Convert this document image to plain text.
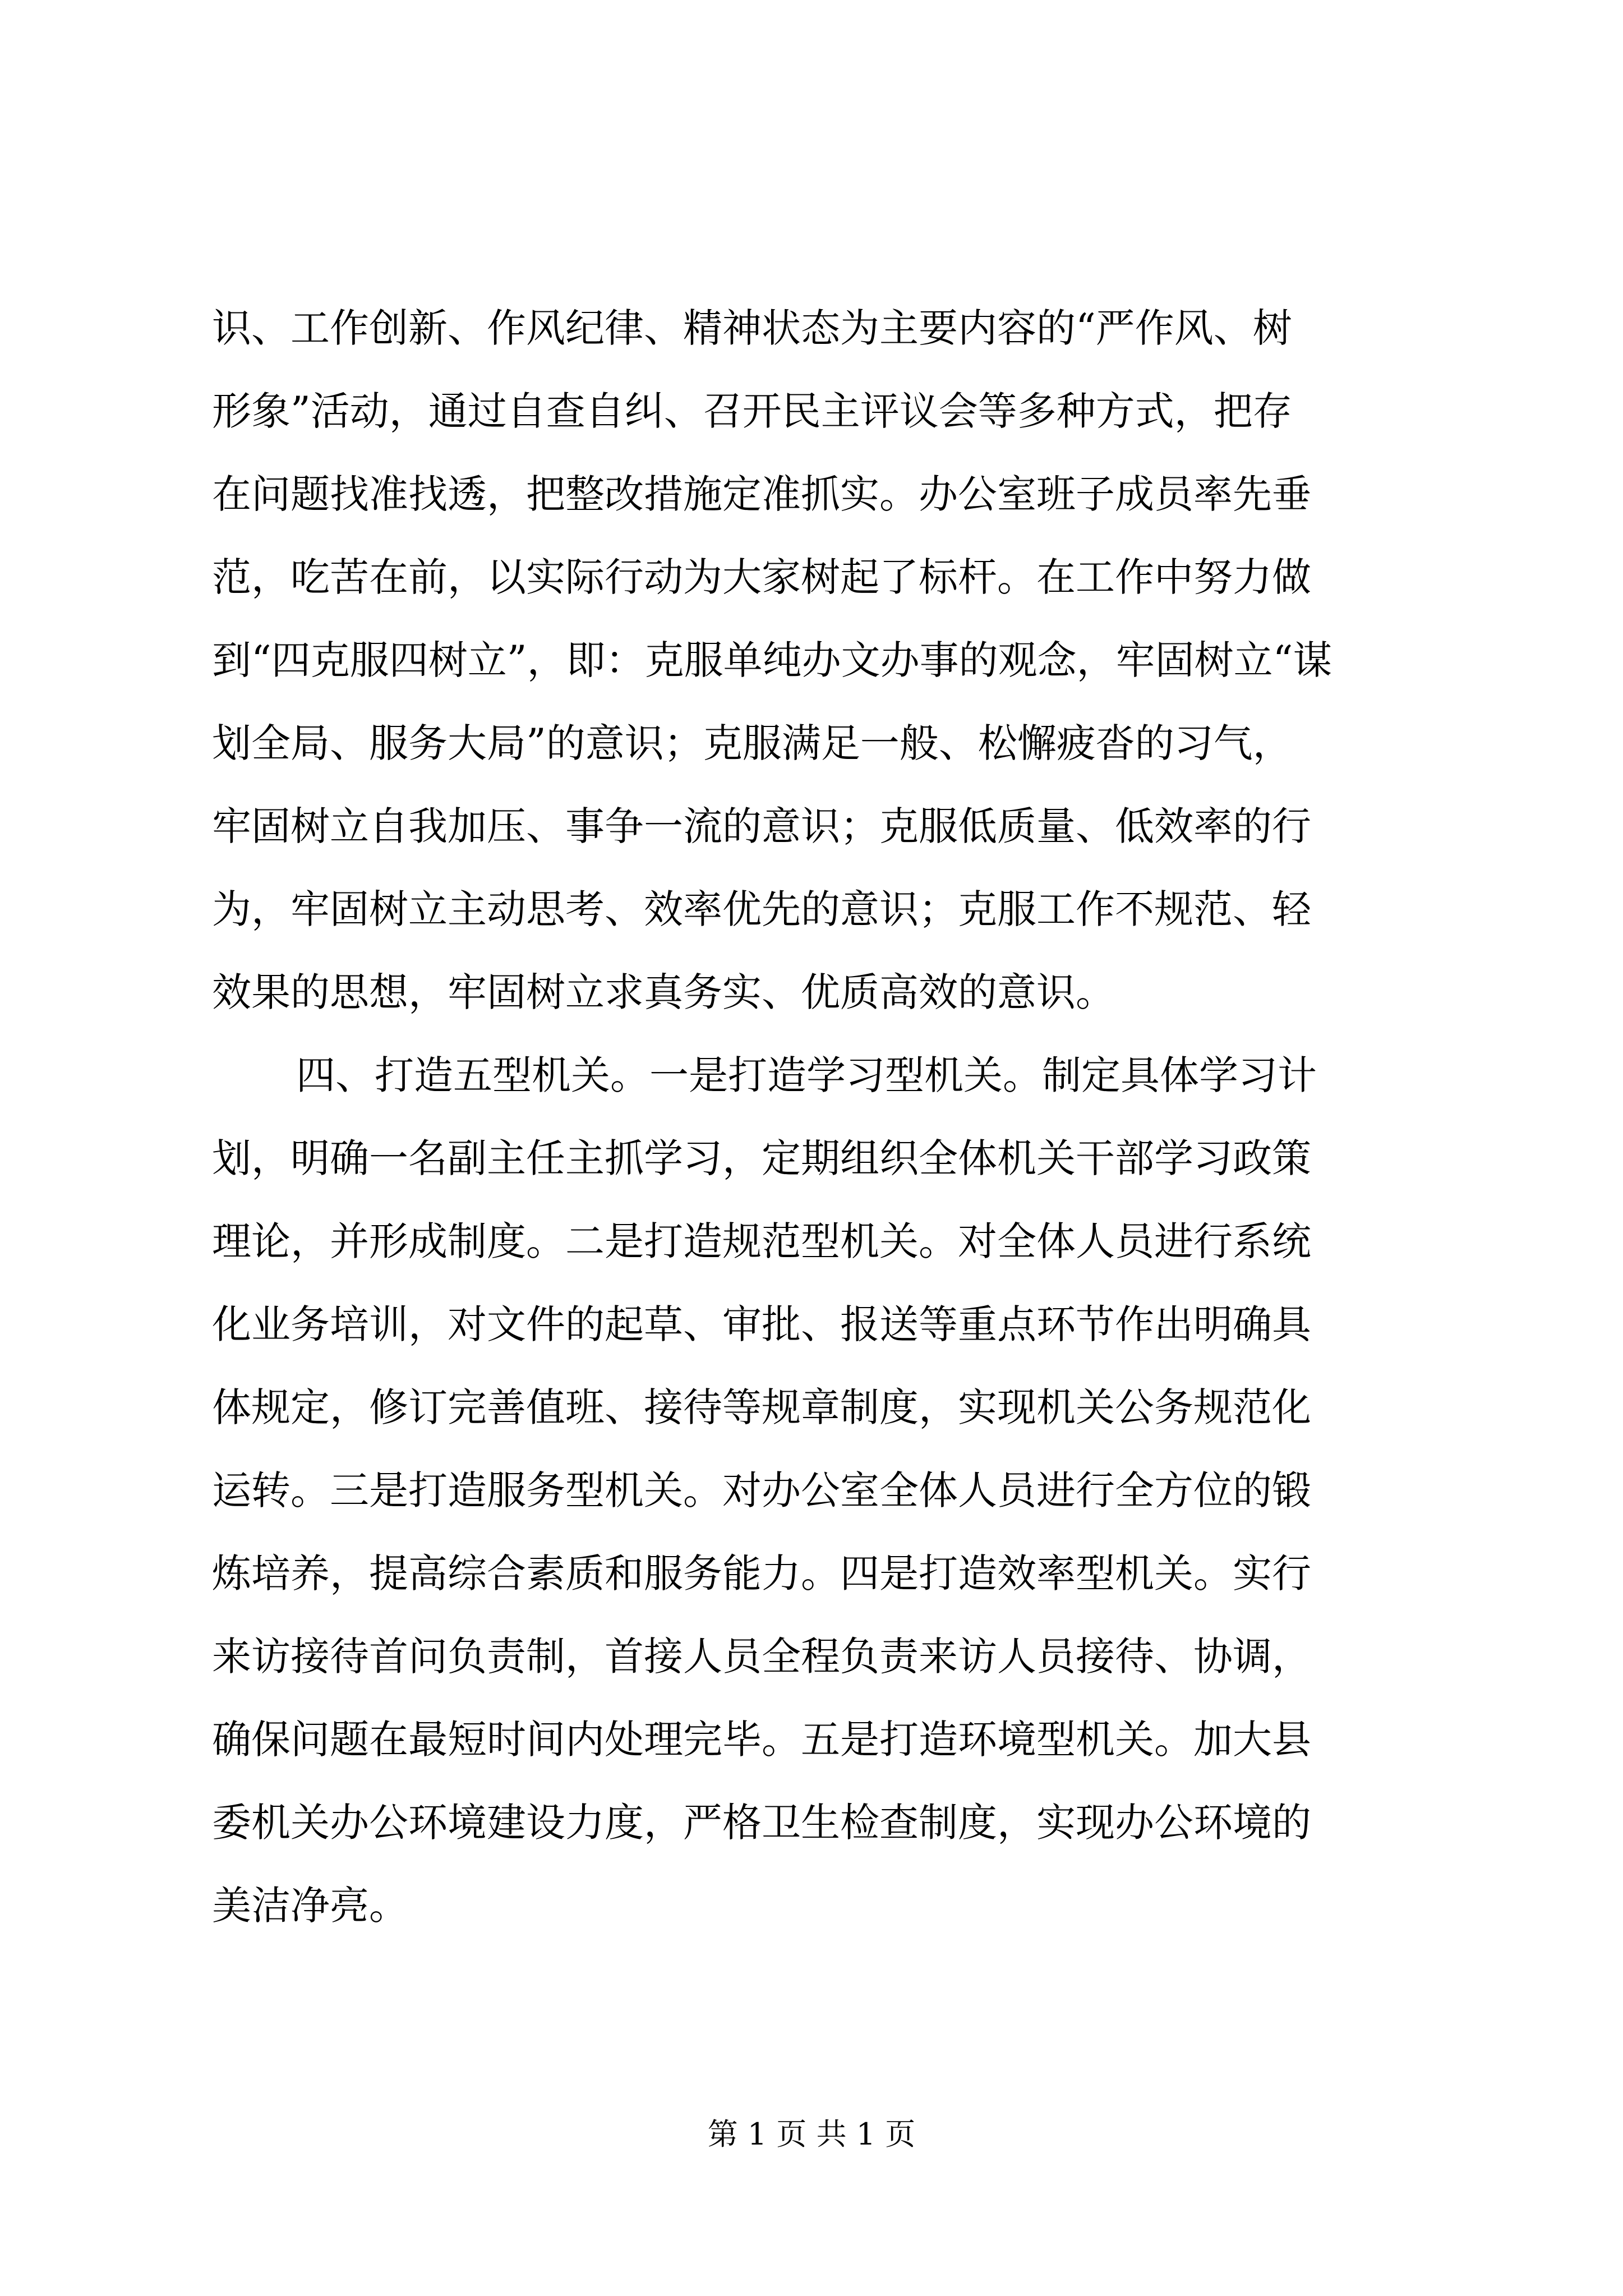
识、工作创新、作风纪律、精神状态为主要内容的“严作风、树
形象”活动，通过自查自纠、召开民主评议会等多种方式，把存
在问题找准找透，把整改措施定准抓实。办公室班子成员率先垂
范，吃苦在前，以实际行动为大家树起了标杆。在工作中努力做
到“四克服四树立”，即：克服单纯办文办事的观念，牢固树立“谋
划全局、服务大局”的意识；克服满足一般、松懈疲沓的习气，
牢固树立自我加压、事争一流的意识；克服低质量、低效率的行
为，牢固树立主动思考、效率优先的意识；克服工作不规范、轻
效果的思想，牢固树立求真务实、优质高效的意识。
四、打造五型机关。一是打造学习型机关。制定具体学习计
划，明确一名副主任主抓学习，定期组织全体机关干部学习政策
理论，并形成制度。二是打造规范型机关。对全体人员进行系统
化业务培训，对文件的起草、审批、报送等重点环节作出明确具
体规定，修订完善值班、接待等规章制度，实现机关公务规范化
运转。三是打造服务型机关。对办公室全体人员进行全方位的锻
炼培养，提高综合素质和服务能力。四是打造效率型机关。实行
来访接待首问负责制，首接人员全程负责来访人员接待、协调，
确保问题在最短时间内处理完毕。五是打造环境型机关。加大县
委机关办公环境建设力度，严格卫生检查制度，实现办公环境的
美洁净亮。
第 1 页 共 1 页
